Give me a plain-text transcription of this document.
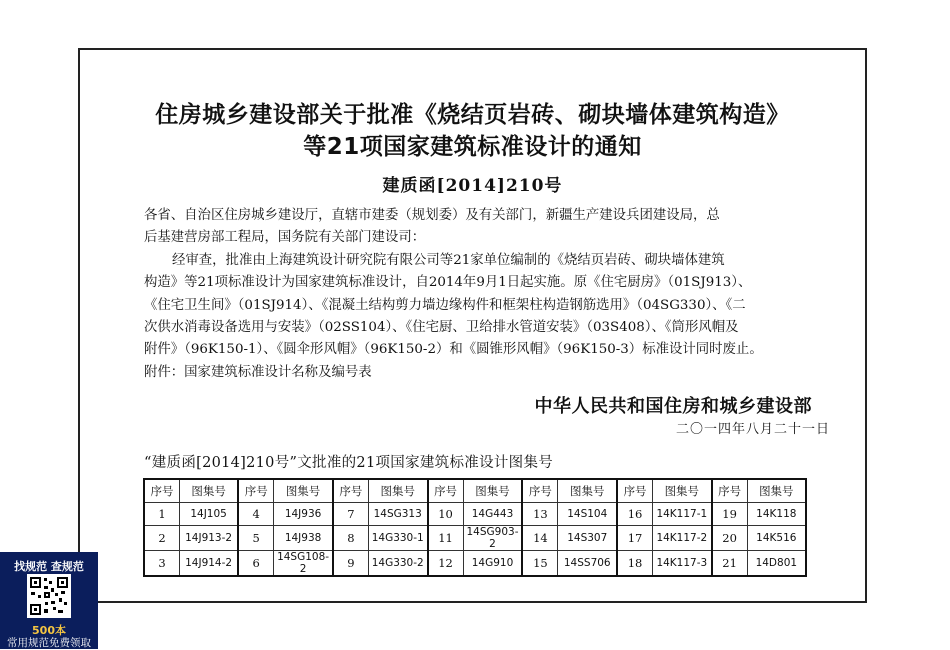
住房城乡建设部关于批准《烧结页岩砖、砌块墙体建筑构造》
等21项国家建筑标准设计的通知
建质函[2014]210号
各省、自治区住房城乡建设厅，直辖市建委（规划委）及有关部门，新疆生产建设兵团建设局，总
后基建营房部工程局，国务院有关部门建设司：
经审查，批准由上海建筑设计研究院有限公司等21家单位编制的《烧结页岩砖、砌块墙体建筑
构造》等21项标准设计为国家建筑标准设计，自2014年9月1日起实施。原《住宅厨房》（01SJ913）、
《住宅卫生间》（01SJ914）、《混凝土结构剪力墙边缘构件和框架柱构造钢筋选用》（04SG330）、《二
次供水消毒设备选用与安装》（02SS104）、《住宅厨、卫给排水管道安装》（03S408）、《筒形风帽及
附件》（96K150-1）、《圆伞形风帽》（96K150-2）和《圆锥形风帽》（96K150-3）标准设计同时废止。
附件：国家建筑标准设计名称及编号表
中华人民共和国住房和城乡建设部
二〇一四年八月二十一日
“建质函[2014]210号”文批准的21项国家建筑标准设计图集号
序号	图集号	序号	图集号	序号	图集号	序号	图集号	序号	图集号	序号	图集号	序号	图集号
1	14J105	4	14J936	7	14SG313	10	14G443	13	14S104	16	14K117-1	19	14K118
2	14J913-2	5	14J938	8	14G330-1	11	14SG903-2	14	14S307	17	14K117-2	20	14K516
3	14J914-2	6	14SG108-2	9	14G330-2	12	14G910	15	14SS706	18	14K117-3	21	14D801
找规范 查规范
500本
常用规范免费领取
